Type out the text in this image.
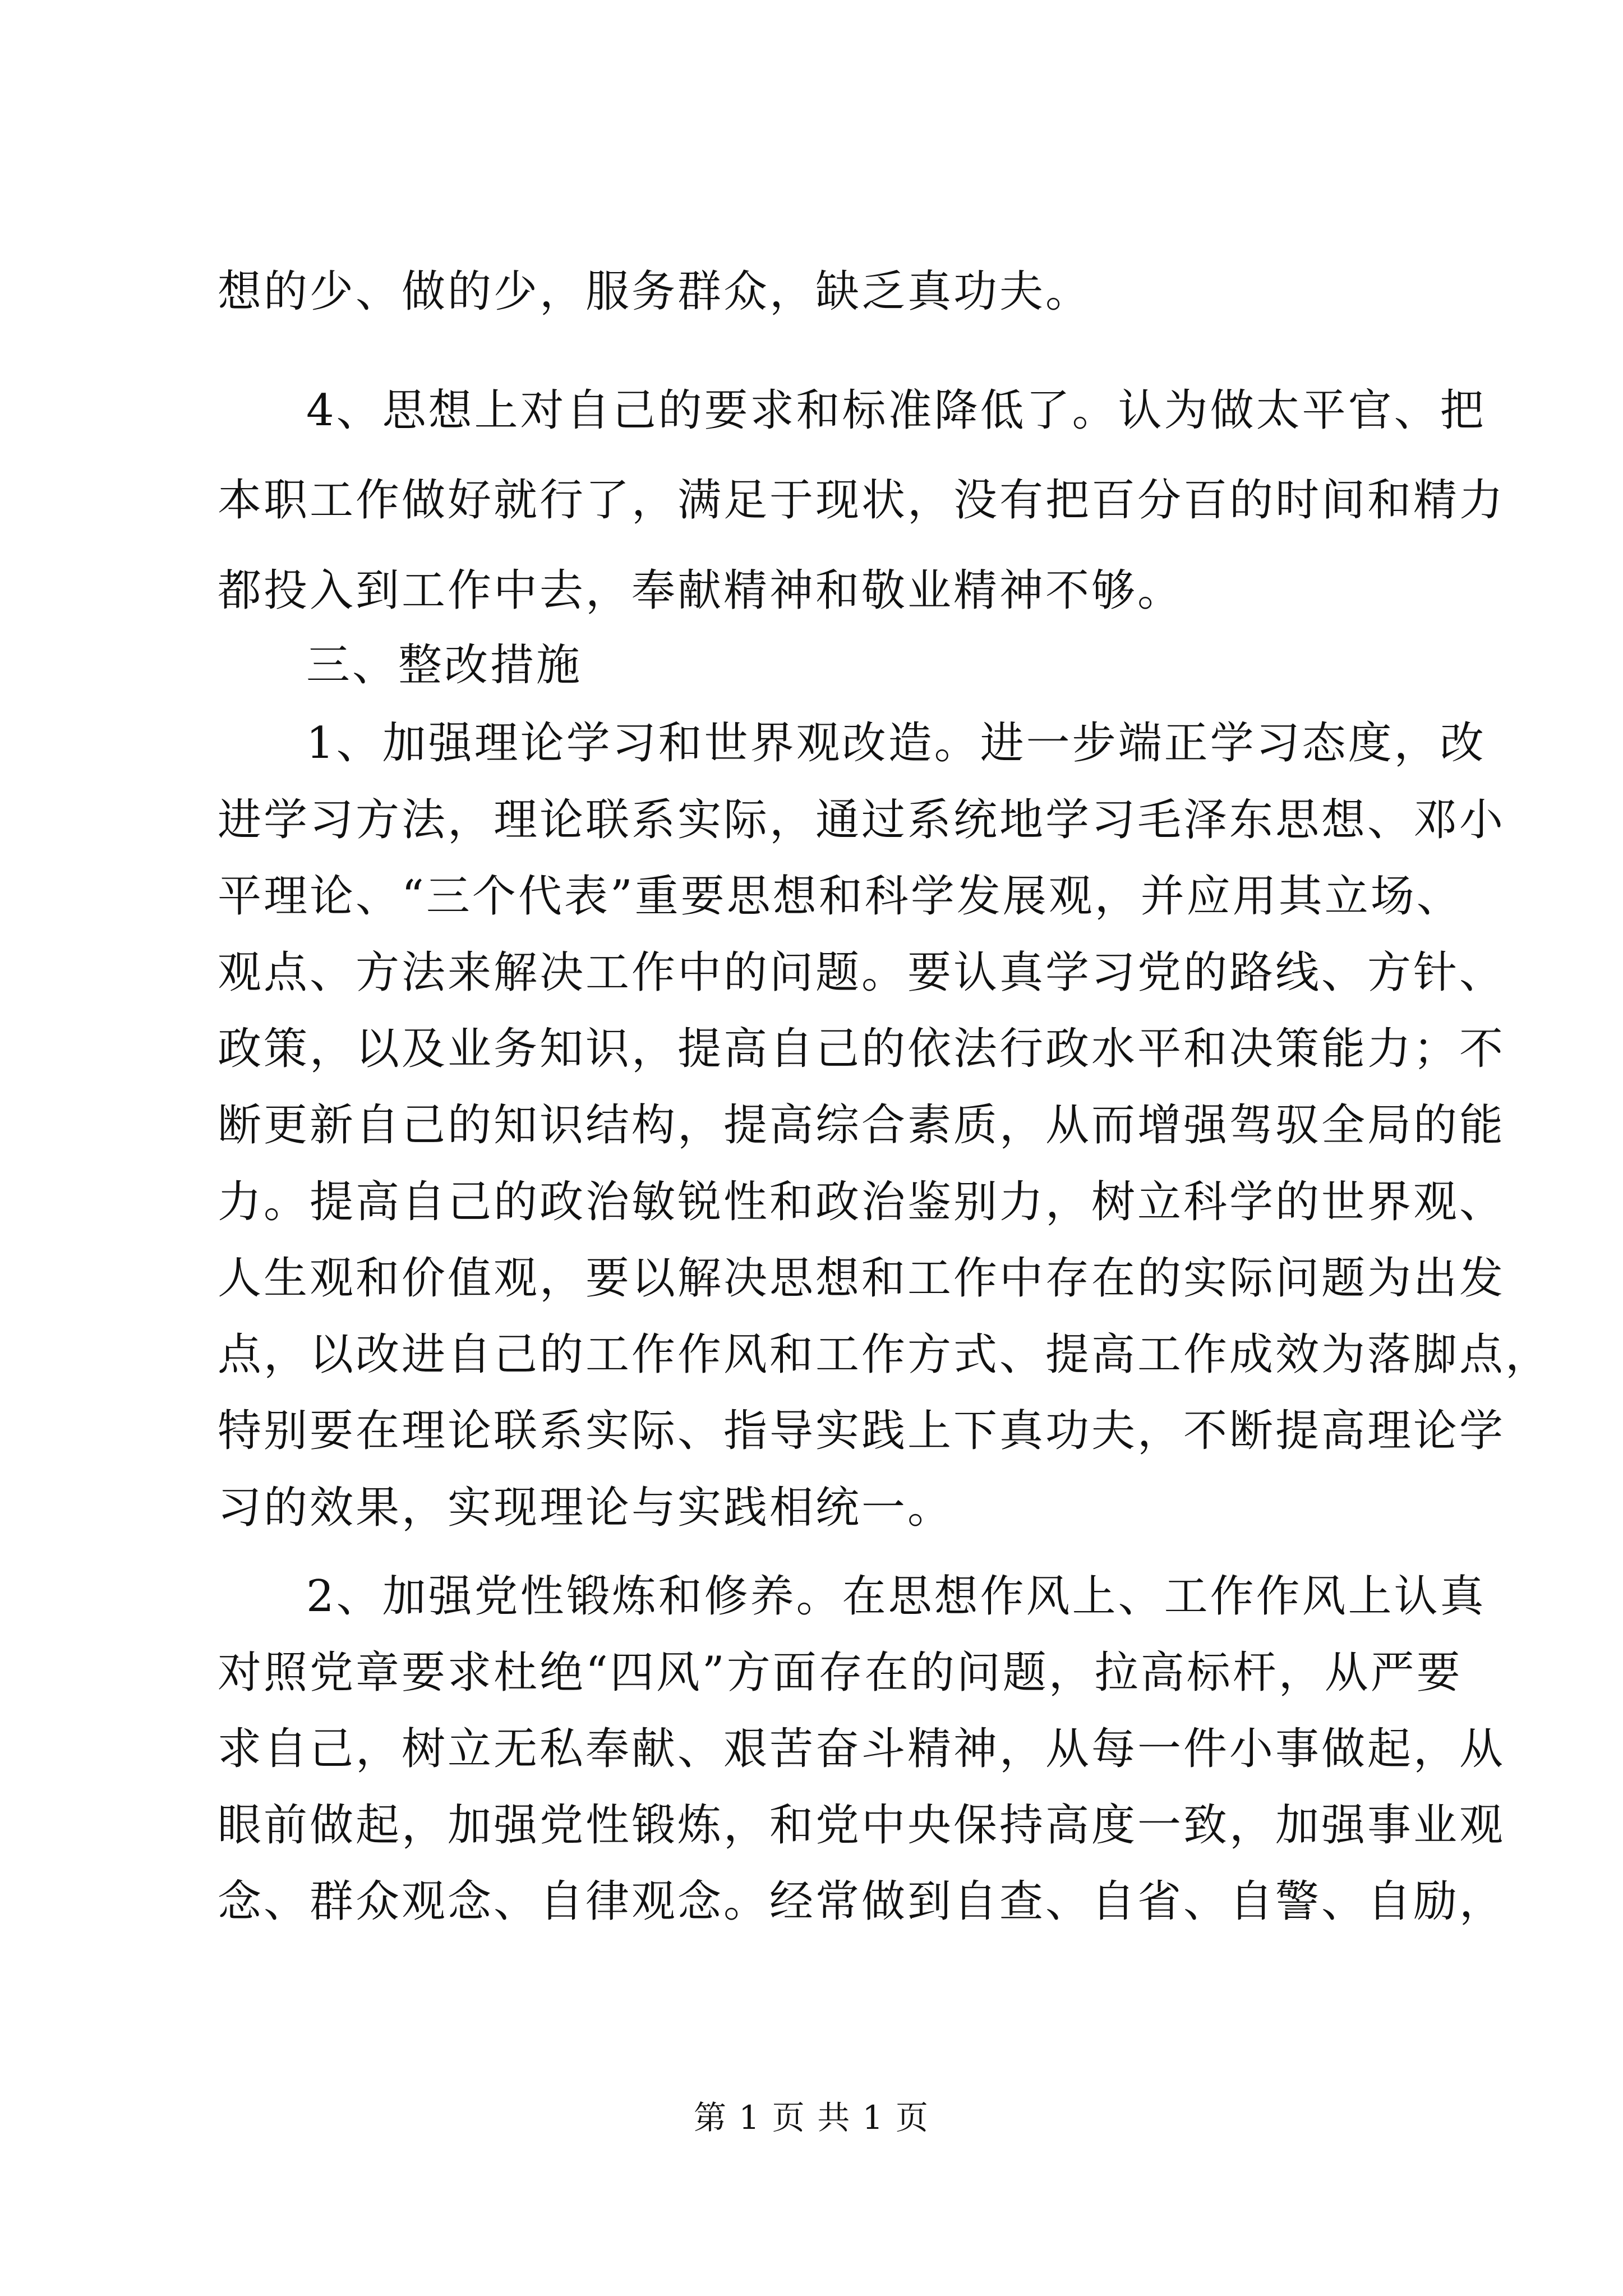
想的少、做的少，服务群众，缺乏真功夫。
4、思想上对自己的要求和标准降低了。认为做太平官、把
本职工作做好就行了，满足于现状，没有把百分百的时间和精力
都投入到工作中去，奉献精神和敬业精神不够。
三、整改措施
1、加强理论学习和世界观改造。进一步端正学习态度，改
进学习方法，理论联系实际，通过系统地学习毛泽东思想、邓小
平理论、“三个代表”重要思想和科学发展观，并应用其立场、
观点、方法来解决工作中的问题。要认真学习党的路线、方针、
政策，以及业务知识，提高自己的依法行政水平和决策能力；不
断更新自己的知识结构，提高综合素质，从而增强驾驭全局的能
力。提高自己的政治敏锐性和政治鉴别力，树立科学的世界观、
人生观和价值观，要以解决思想和工作中存在的实际问题为出发
点，以改进自己的工作作风和工作方式、提高工作成效为落脚点，
特别要在理论联系实际、指导实践上下真功夫，不断提高理论学
习的效果，实现理论与实践相统一。
2、加强党性锻炼和修养。在思想作风上、工作作风上认真
对照党章要求杜绝“四风”方面存在的问题，拉高标杆，从严要
求自己，树立无私奉献、艰苦奋斗精神，从每一件小事做起，从
眼前做起，加强党性锻炼，和党中央保持高度一致，加强事业观
念、群众观念、自律观念。经常做到自查、自省、自警、自励，
第 1 页 共 1 页
